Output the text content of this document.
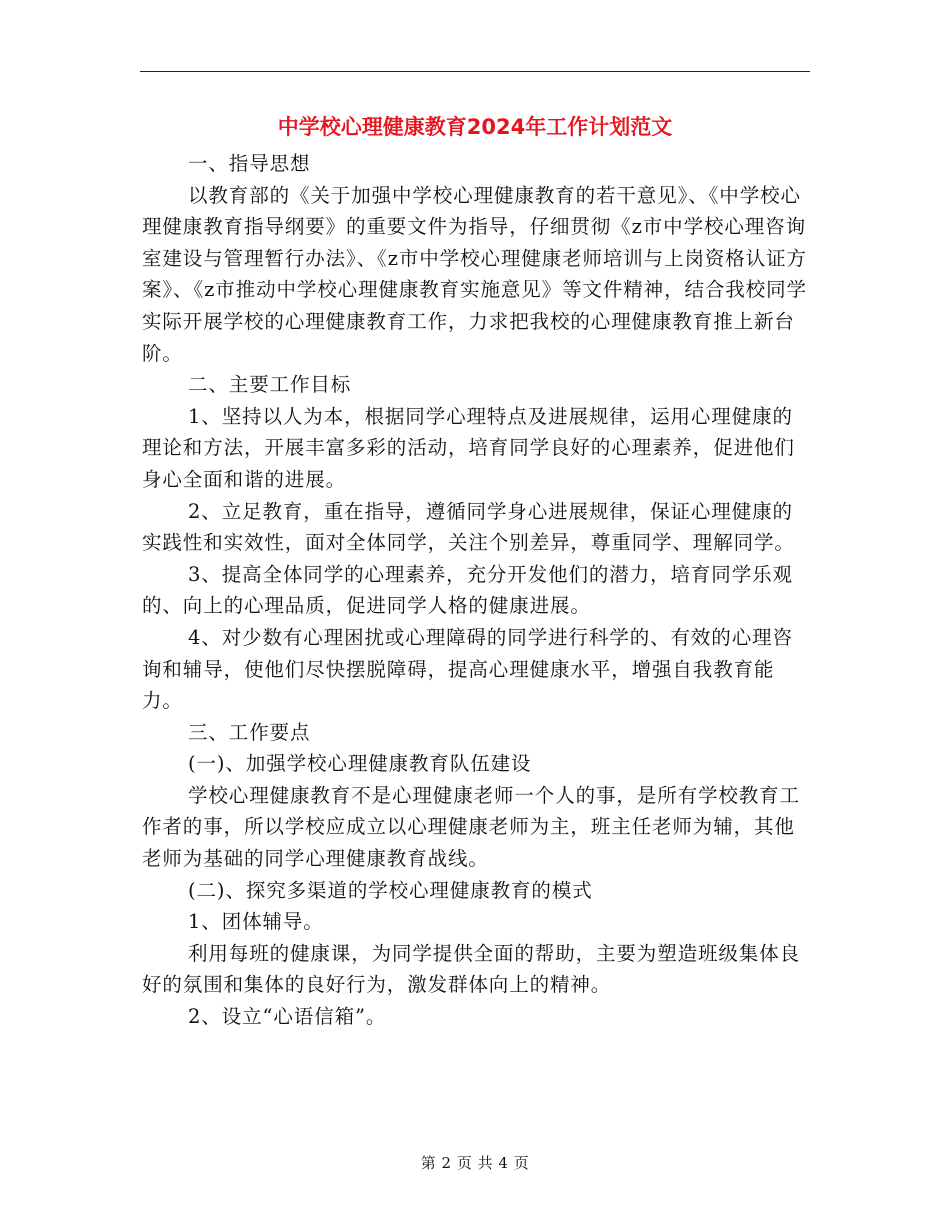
中学校心理健康教育2024年工作计划范文

一、指导思想

以教育部的《关于加强中学校心理健康教育的若干意见》、《中学校心理健康教育指导纲要》的重要文件为指导，仔细贯彻《z市中学校心理咨询室建设与管理暂行办法》、《z市中学校心理健康老师培训与上岗资格认证方案》、《z市推动中学校心理健康教育实施意见》等文件精神，结合我校同学实际开展学校的心理健康教育工作，力求把我校的心理健康教育推上新台阶。

二、主要工作目标

1、坚持以人为本，根据同学心理特点及进展规律，运用心理健康的理论和方法，开展丰富多彩的活动，培育同学良好的心理素养，促进他们身心全面和谐的进展。

2、立足教育，重在指导，遵循同学身心进展规律，保证心理健康的实践性和实效性，面对全体同学，关注个别差异，尊重同学、理解同学。

3、提高全体同学的心理素养，充分开发他们的潜力，培育同学乐观的、向上的心理品质，促进同学人格的健康进展。

4、对少数有心理困扰或心理障碍的同学进行科学的、有效的心理咨询和辅导，使他们尽快摆脱障碍，提高心理健康水平，增强自我教育能力。

三、工作要点

(一)、加强学校心理健康教育队伍建设

学校心理健康教育不是心理健康老师一个人的事，是所有学校教育工作者的事，所以学校应成立以心理健康老师为主，班主任老师为辅，其他老师为基础的同学心理健康教育战线。

(二)、探究多渠道的学校心理健康教育的模式

1、团体辅导。

利用每班的健康课，为同学提供全面的帮助，主要为塑造班级集体良好的氛围和集体的良好行为，激发群体向上的精神。

2、设立“心语信箱”。

第 2 页 共 4 页
